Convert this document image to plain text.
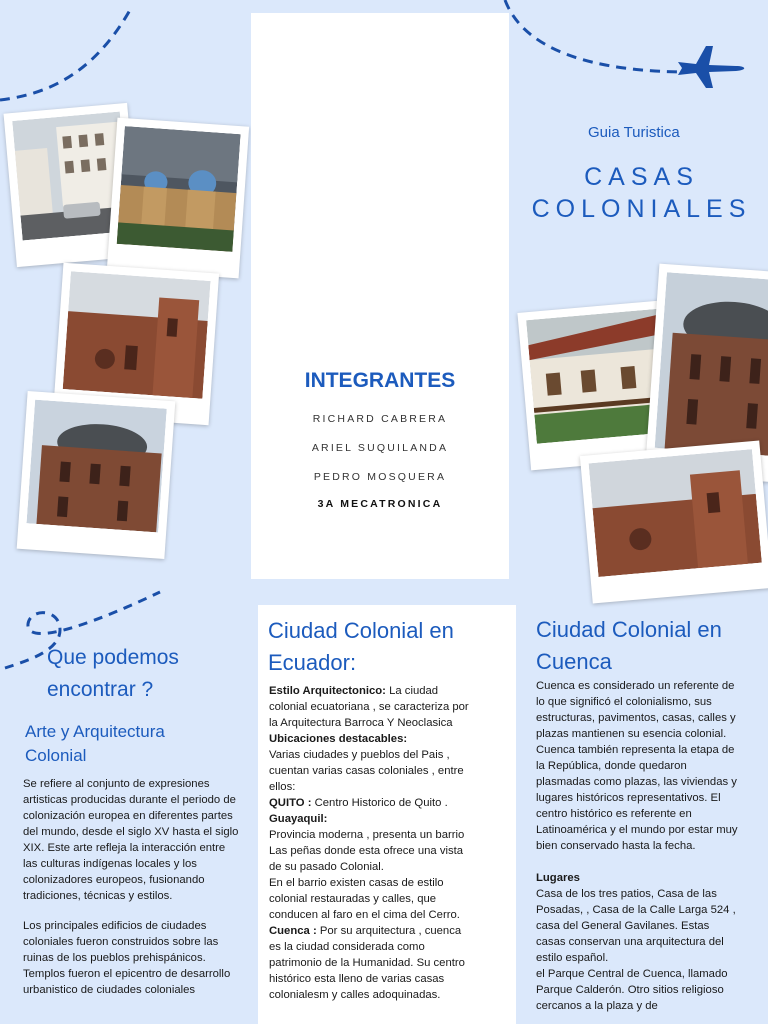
INTEGRANTES
RICHARD CABRERA
ARIEL SUQUILANDA
PEDRO MOSQUERA
3A MECATRONICA
Guia Turistica
CASAS
COLONIALES
Que podemos encontrar ?
Arte y Arquitectura Colonial

Se refiere al conjunto de expresiones artisticas producidas durante el periodo de colonización europea en diferentes partes del mundo, desde el siglo XV hasta el siglo XIX. Este arte refleja la interacción entre las culturas indígenas locales y los colonizadores europeos, fusionando tradiciones, técnicas y estilos.

Los principales edificios de ciudades coloniales fueron construidos sobre las ruinas de los pueblos prehispánicos.

Templos fueron el epicentro de desarrollo urbanistico de ciudades coloniales

Ciudad Colonial en Ecuador:

Estilo Arquitectonico: La ciudad colonial ecuatoriana , se caracteriza por la Arquitectura Barroca Y Neoclasica

Ubicaciones destacables:

Varias ciudades y pueblos del Pais , cuentan varias casas coloniales , entre ellos:

QUITO : Centro Historico de Quito .

Guayaquil:

Provincia moderna , presenta un barrio Las peñas donde esta ofrece una vista de su pasado Colonial.

En el barrio existen casas de estilo colonial restauradas y calles, que conducen al faro en el cima del Cerro.

Cuenca : Por su arquitectura , cuenca es la ciudad considerada como patrimonio de la Humanidad. Su centro histórico esta lleno de varias casas colonialesm y calles adoquinadas.

Ciudad Colonial en Cuenca

Cuenca es considerado un referente de lo que significó el colonialismo, sus estructuras, pavimentos, casas, calles y plazas mantienen su esencia colonial.

Cuenca también representa la etapa de la República, donde quedaron plasmadas como plazas, las viviendas y lugares históricos representativos. El centro histórico es referente en Latinoamérica y el mundo por estar muy bien conservado hasta la fecha.

Lugares

Casa de los tres patios, Casa de las Posadas, , Casa de la Calle Larga 524 , casa del General Gavilanes. Estas casas conservan una arquitectura del estilo español.

el Parque Central de Cuenca, llamado Parque Calderón. Otro sitios religioso cercanos a la plaza y de
